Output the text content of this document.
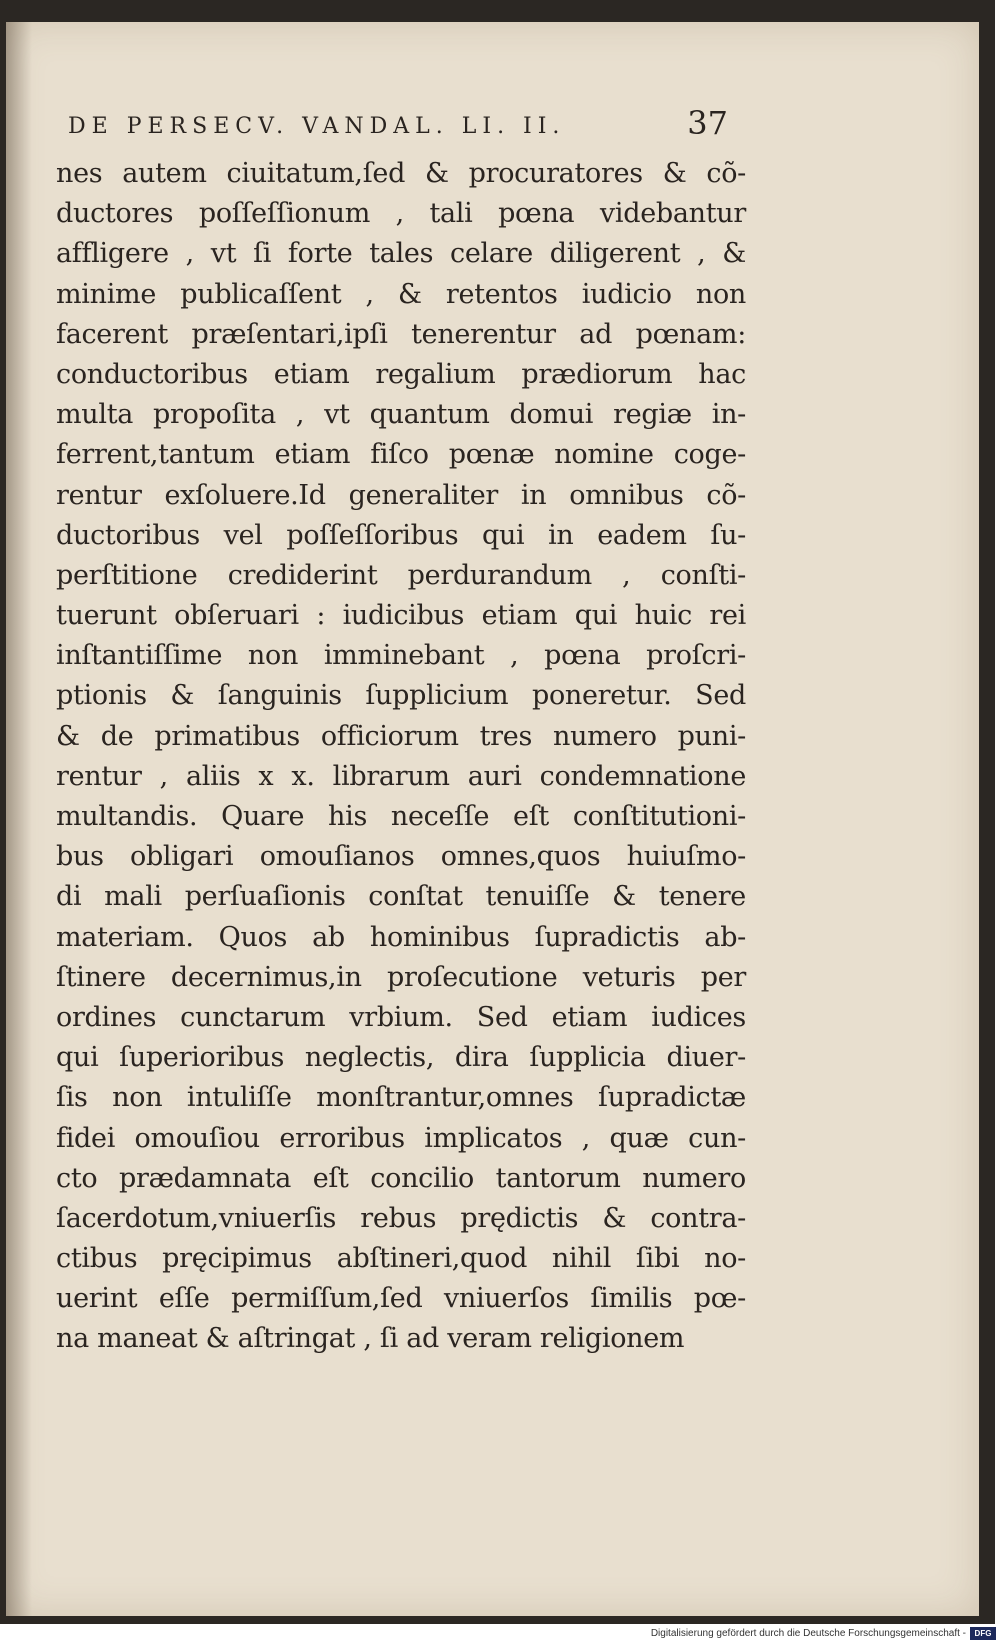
DE PERSECV. VANDAL. LI. II.	37
nes autem ciuitatum,ſed & procuratores & cõ-
ductores poſſeſſionum , tali pœna videbantur
affligere , vt ſi forte tales celare diligerent , &
minime publicaſſent , & retentos iudicio non
facerent præſentari,ipſi tenerentur ad pœnam:
conductoribus etiam regalium prædiorum hac
multa propoſita , vt quantum domui regiæ in-
ferrent,tantum etiam fiſco pœnæ nomine coge-
rentur exſoluere.Id generaliter in omnibus cõ-
ductoribus vel poſſeſſoribus qui in eadem ſu-
perſtitione crediderint perdurandum , conſti-
tuerunt obſeruari : iudicibus etiam qui huic rei
inſtantiſſime non imminebant , pœna proſcri-
ptionis & ſanguinis ſupplicium poneretur. Sed
& de primatibus officiorum tres numero puni-
rentur , aliis x x. librarum auri condemnatione
multandis. Quare his neceſſe eſt conſtitutioni-
bus obligari omouſianos omnes,quos huiuſmo-
di mali perſuaſionis conſtat tenuiſſe & tenere
materiam. Quos ab hominibus ſupradictis ab-
ſtinere decernimus,in proſecutione veturis per
ordines cunctarum vrbium. Sed etiam iudices
qui ſuperioribus neglectis, dira ſupplicia diuer-
ſis non intuliſſe monſtrantur,omnes ſupradictæ
fidei omouſiou erroribus implicatos , quæ cun-
cto prædamnata eſt concilio tantorum numero
ſacerdotum,vniuerſis rebus prędictis & contra-
ctibus pręcipimus abſtineri,quod nihil ſibi no-
uerint eſſe permiſſum,ſed vniuerſos ſimilis pœ-
na maneat & aſtringat , ſi ad veram religionem
Digitalisierung gefördert durch die Deutsche Forschungsgemeinschaft -	DFG
